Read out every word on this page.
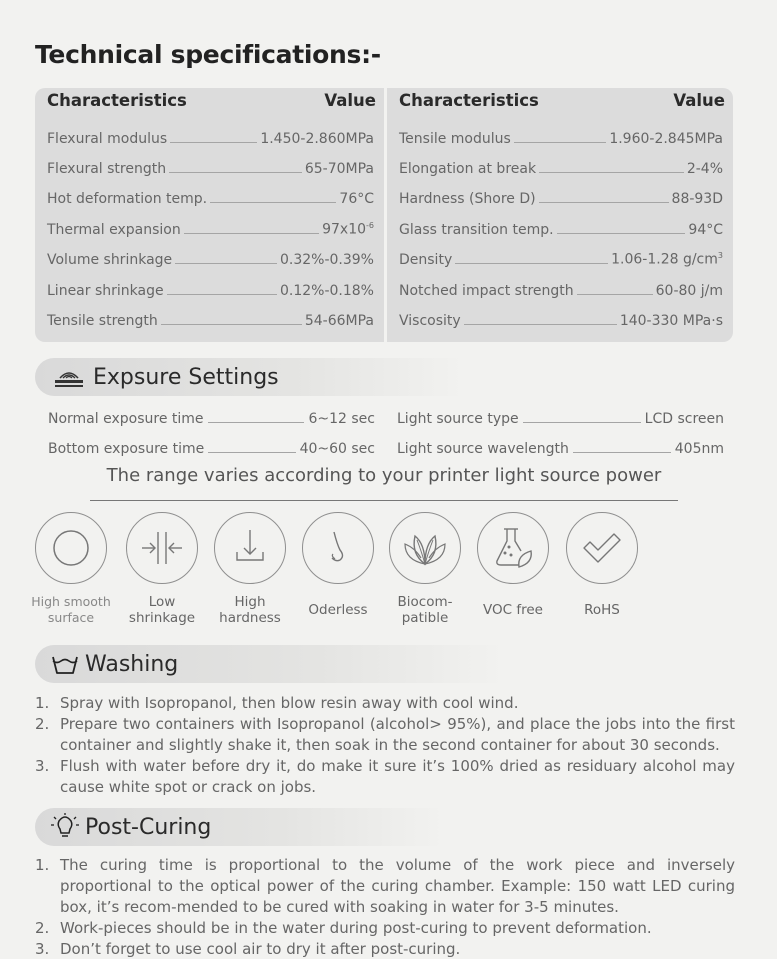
Technical specifications:-
Characteristics	Value
Flexural modulus	1.450-2.860MPa
Flexural strength	65-70MPa
Hot deformation temp.	76°C
Thermal expansion	$97x10^{-6}$
Volume shrinkage	0.32%-0.39%
Linear shrinkage	0.12%-0.18%
Tensile strength	54-66MPa
Characteristics	Value
Tensile modulus	1.960-2.845MPa
Elongation at break	2-4%
Hardness (Shore D)	88-93D
Glass transition temp.	94°C
Density	1.06-1.28 $g/cm^3$
Notched impact strength	60-80 j/m
Viscosity	140-330 MPa·s
Expsure Settings
Normal exposure time	6~12 sec Light source type	LCD screen
Bottom exposure time	40~60 sec Light source wavelength	405nm
The range varies according to your printer light source power
High smooth
surface
Low
shrinkage
High
hardness	Oderless	Biocom-
patible	VOC free	RoHS
Washing
1. Spray with Isopropanol, then blow resin away with cool wind.
2. Prepare two containers with Isopropanol (alcohol> 95%), and place the jobs into the first container and slightly shake it, then soak in the second container for about 30 seconds.
3. Flush with water before dry it, do make it sure it’s 100% dried as residuary alcohol may cause white spot or crack on jobs.
Post-Curing
1. The curing time is proportional to the volume of the work piece and inversely proportional to the optical power of the curing chamber. Example: 150 watt LED curing box, it’s recom-mended to be cured with soaking in water for 3-5 minutes.
2. Work-pieces should be in the water during post-curing to prevent deformation.
3. Don’t forget to use cool air to dry it after post-curing.
